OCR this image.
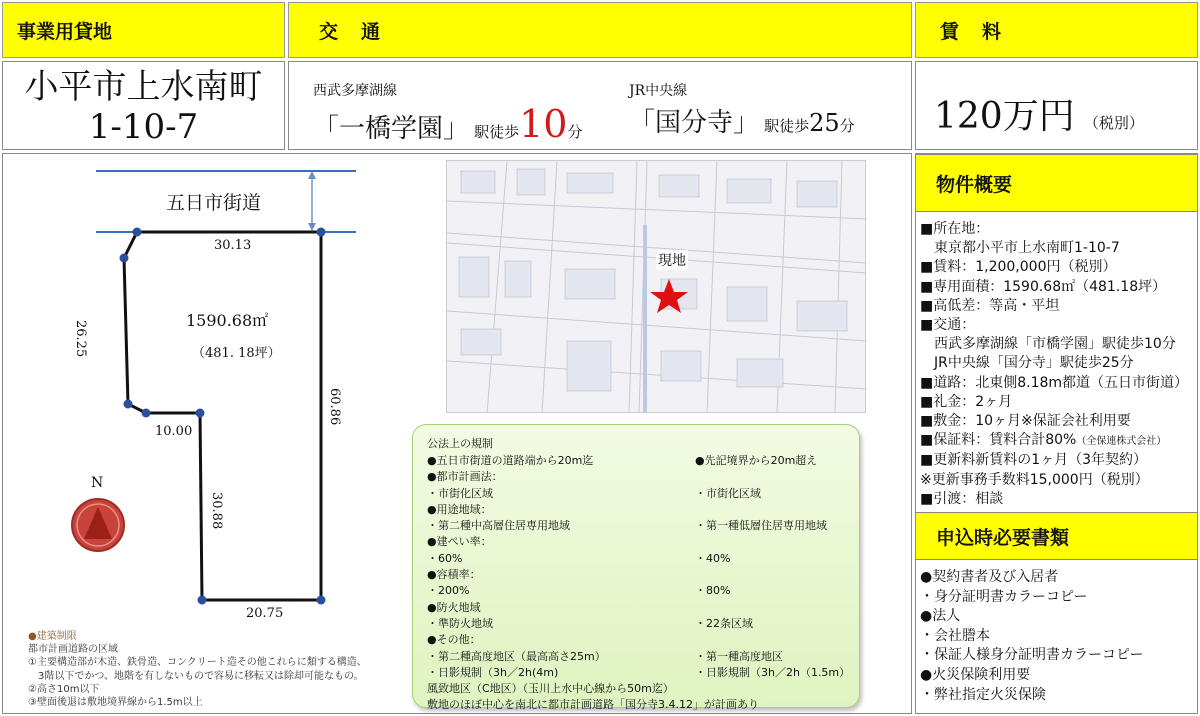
事業用貸地	交　通	賃　料
小平市上水南町
1-10-7
西武多摩湖線
「一橋学園」 駅徒歩10分
JR中央線
「国分寺」 駅徒歩25分 120万円 （税別）
五日市街道
30.13
26.25
60.86
10.00
30.88
20.75
1590.68㎡
（481. 18坪）
N
現地
公法上の規制
●五日市街道の道路端から20m迄	●先記境界から20m超え
●都市計画法：
・市街化区域	・市街化区域
●用途地域：
・第二種中高層住居専用地域	・第一種低層住居専用地域
●建ぺい率：
・60%	・40%
●容積率：
・200%	・80%
●防火地域
・準防火地域	・22条区域
●その他：
・第二種高度地区（最高高さ25m）	・第一種高度地区
・日影規制（3h／2h(4m)	・日影規制（3h／2h（1.5m）
風致地区（C地区）（玉川上水中心線から50m迄）
敷地のほぼ中心を南北に都市計画道路「国分寺3.4.12」が計画あり
●建築制限
都市計画道路の区域
①主要構造部が木造、鉄骨造、コンクリート造その他これらに類する構造、
　3階以下でかつ、地階を有しないもので容易に移転又は除却可能なもの。
②高さ10m以下
③壁面後退は敷地境界線から1.5m以上
物件概要
■所在地：
　東京都小平市上水南町1-10-7
■賃料：1,200,000円（税別）
■専用面積：1590.68㎡（481.18坪）
■高低差：等高・平坦
■交通：
　西武多摩湖線「市橋学園」駅徒歩10分
　JR中央線「国分寺」駅徒歩25分
■道路：北東側8.18m都道（五日市街道）
■礼金：2ヶ月
■敷金：10ヶ月※保証会社利用要
■保証料：賃料合計80%（全保連株式会社）
■更新料新賃料の1ヶ月（3年契約）
※更新事務手数料15,000円（税別）
■引渡：相談
申込時必要書類
●契約書者及び入居者
・身分証明書カラーコピー
●法人
・会社謄本
・保証人様身分証明書カラーコピー
●火災保険利用要
・弊社指定火災保険
